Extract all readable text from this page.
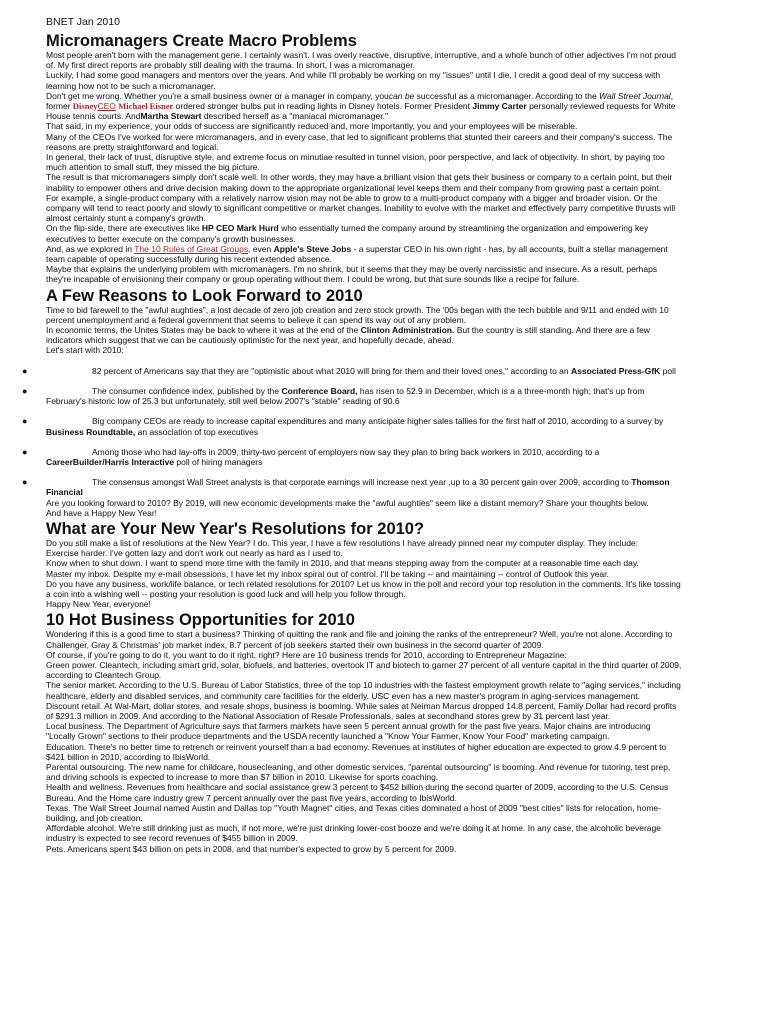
BNET Jan 2010
Micromanagers Create Macro Problems

Most people aren't born with the management gene. I certainly wasn't. I was overly reactive, disruptive, interruptive, and a whole bunch of other adjectives I'm not proud of. My first direct reports are probably still dealing with the trauma. In short, I was a micromanager.

Luckily, I had some good managers and mentors over the years. And while I'll probably be working on my "issues" until I die, I credit a good deal of my success with learning how not to be such a micromanager.

Don't get me wrong. Whether you're a small business owner or a manager in company, youcan be successful as a micromanager. According to the Wall Street Journal, former DisneyCEO Michael Eisner ordered stronger bulbs put in reading lights in Disney hotels. Former President Jimmy Carter personally reviewed requests for White House tennis courts. AndMartha Stewart described herself as a "maniacal micromanager."

That said, in my experience, your odds of success are significantly reduced and, more importantly, you and your employees will be miserable.

Many of the CEOs I've worked for were micromanagers, and in every case, that led to significant problems that stunted their careers and their company's success. The reasons are pretty straightforward and logical.

In general, their lack of trust, disruptive style, and extreme focus on minutiae resulted in tunnel vision, poor perspective, and lack of objectivity. In short, by paying too much attention to small stuff, they missed the big picture.

The result is that micromanagers simply don't scale well. In other words, they may have a brilliant vision that gets their business or company to a certain point, but their inability to empower others and drive decision making down to the appropriate organizational level keeps them and their company from growing past a certain point.

For example, a single-product company with a relatively narrow vision may not be able to grow to a multi-product company with a bigger and broader vision. Or the company will tend to react poorly and slowly to significant competitive or market changes. Inability to evolve with the market and effectively parry competitive thrusts will almost certainly stunt a company's growth.

On the flip-side, there are executives like HP CEO Mark Hurd who essentially turned the company around by streamlining the organization and empowering key executives to better execute on the company's growth businesses.

And, as we explored in The 10 Rules of Great Groups, even Apple's Steve Jobs - a superstar CEO in his own right - has, by all accounts, built a stellar management team capable of operating successfully during his recent extended absence.

Maybe that explains the underlying problem with micromanagers. I'm no shrink, but it seems that they may be overly narcissistic and insecure. As a result, perhaps they're incapable of envisioning their company or group operating without them. I could be wrong, but that sure sounds like a recipe for failure.

A Few Reasons to Look Forward to 2010

Time to bid farewell to the "awful aughties", a lost decade of zero job creation and zero stock growth. The '00s began with the tech bubble and 9/11 and ended with 10 percent unemployment and a federal government that seems to believe it can spend its way out of any problem.

In economic terms, the Unites States may be back to where it was at the end of the Clinton Administration. But the country is still standing. And there are a few indicators which suggest that we can be cautiously optimistic for the next year, and hopefully decade, ahead.

Let's start with 2010:

●	82 percent of Americans say that they are "optimistic about what 2010 will bring for them and their loved ones," according to an Associated Press-GfK poll
●	The consumer confidence index, published by the Conference Board, has risen to 52.9 in December, which is a a three-month high; that's up from February's historic low of 25.3 but unfortunately, still well below 2007's "stable" reading of 90.6
●	Big company CEOs are ready to increase capital expenditures and many anticipate higher sales tallies for the first half of 2010, according to a survey by Business Roundtable, an association of top executives
●	Among those who had lay-offs in 2009, thirty-two percent of employers now say they plan to bring back workers in 2010, according to a CareerBuilder/Harris Interactive poll of hiring managers
●	The consensus amongst Wall Street analysts is that corporate earnings will increase next year ,up to a 30 percent gain over 2009, according to Thomson Financial

Are you looking forward to 2010? By 2019, will new economic developments make the "awful aughties" seem like a distant memory? Share your thoughts below.

And have a Happy New Year!

What are Your New Year's Resolutions for 2010?

Do you still make a list of resolutions at the New Year? I do. This year, I have a few resolutions I have already pinned near my computer display. They include:

Exercise harder. I've gotten lazy and don't work out nearly as hard as I used to.

Know when to shut down. I want to spend more time with the family in 2010, and that means stepping away from the computer at a reasonable time each day.

Master my inbox. Despite my e-mail obsessions, I have let my inbox spiral out of control. I'll be taking -- and maintaining -- control of Outlook this year.

Do you have any business, work/life balance, or tech related resolutions for 2010? Let us know in the poll and record your top resolution in the comments. It's like tossing a coin into a wishing well -- posting your resolution is good luck and will help you follow through.

Happy New Year, everyone!

10 Hot Business Opportunities for 2010

Wondering if this is a good time to start a business? Thinking of quitting the rank and file and joining the ranks of the entrepreneur? Well, you're not alone. According to Challenger, Gray & Christmas' job market index, 8.7 percent of job seekers started their own business in the second quarter of 2009.

Of course, if you're going to do it, you want to do it right, right? Here are 10 business trends for 2010, according to Entrepreneur Magazine:

Green power. Cleantech, including smart grid, solar, biofuels, and batteries, overtook IT and biotech to garner 27 percent of all venture capital in the third quarter of 2009, according to Cleantech Group.

The senior market. According to the U.S. Bureau of Labor Statistics, three of the top 10 industries with the fastest employment growth relate to "aging services," including healthcare, elderly and disabled services, and community care facilities for the elderly. USC even has a new master's program in aging-services management.

Discount retail. At Wal-Mart, dollar stores, and resale shops, business is booming. While sales at Neiman Marcus dropped 14.8 percent, Family Dollar had record profits of $291.3 million in 2009. And according to the National Association of Resale Professionals, sales at secondhand stores grew by 31 percent last year.

Local business. The Department of Agriculture says that farmers markets have seen 5 percent annual growth for the past five years. Major chains are introducing "Locally Grown" sections to their produce departments and the USDA recently launched a "Know Your Farmer, Know Your Food" marketing campaign.

Education. There's no better time to retrench or reinvent yourself than a bad economy. Revenues at institutes of higher education are expected to grow 4.9 percent to $421 billion in 2010, according to IbisWorld.

Parental outsourcing. The new name for childcare, housecleaning, and other domestic services, "parental outsourcing" is booming. And revenue for tutoring, test prep, and driving schools is expected to increase to more than $7 billion in 2010. Likewise for sports coaching.

Health and wellness. Revenues from healthcare and social assistance grew 3 percent to $452 billion during the second quarter of 2009, according to the U.S. Census Bureau. And the Home care industry grew 7 percent annually over the past five years, according to IbisWorld.

Texas. The Wall Street Journal named Austin and Dallas top "Youth Magnet" cities, and Texas cities dominated a host of 2009 "best cities" lists for relocation, home-building, and job creation.

Affordable alcohol. We're still drinking just as much, if not more, we're just drinking lower-cost booze and we're doing it at home. In any case, the alcoholic beverage industry is expected to see record revenues of $455 billion in 2009.

Pets. Americans spent $43 billion on pets in 2008, and that number's expected to grow by 5 percent for 2009.
